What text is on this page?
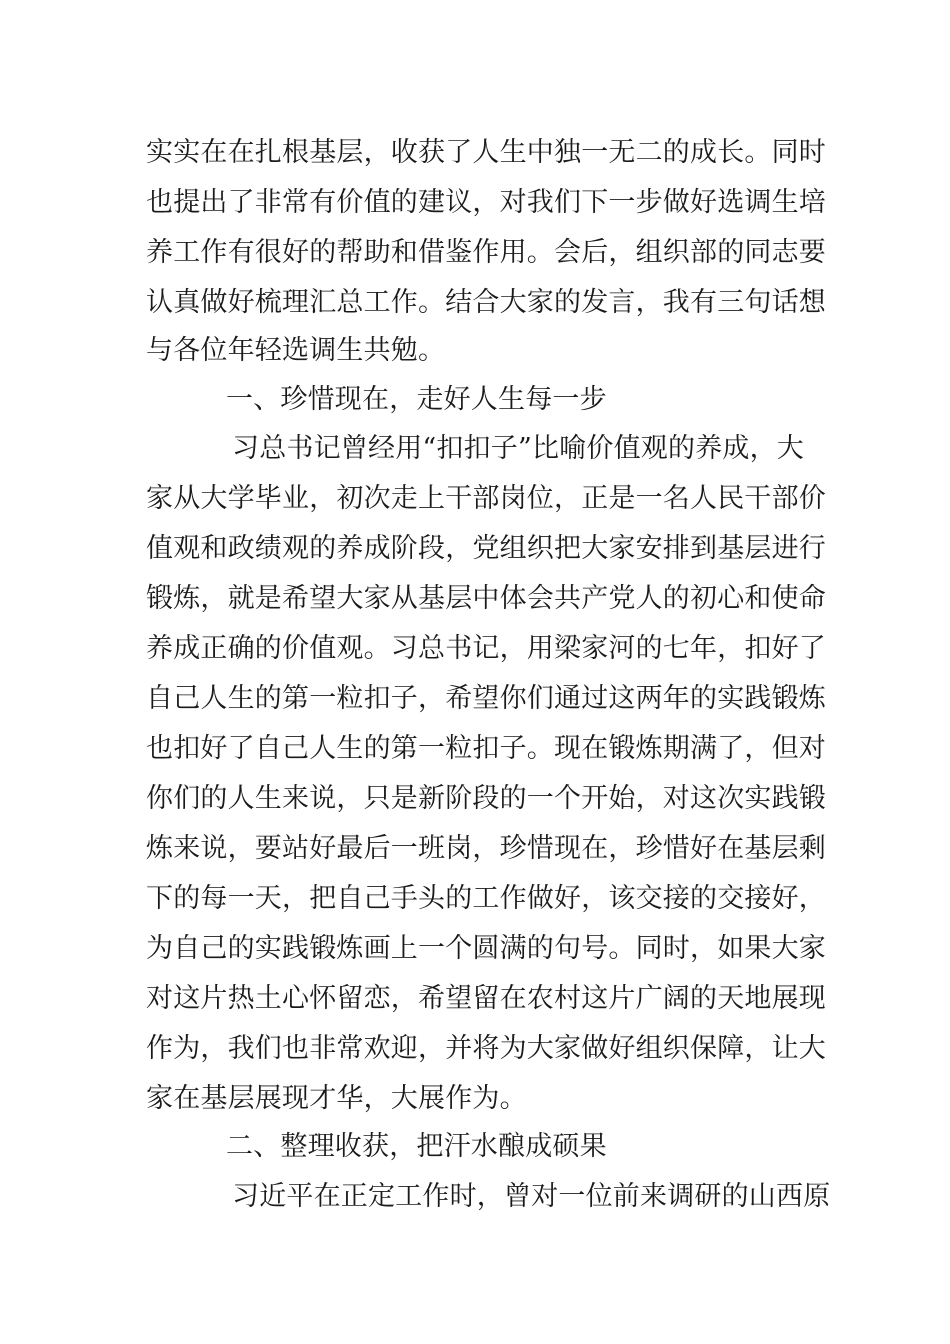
实实在在扎根基层，收获了人生中独一无二的成长。同时
也提出了非常有价值的建议，对我们下一步做好选调生培
养工作有很好的帮助和借鉴作用。会后，组织部的同志要
认真做好梳理汇总工作。结合大家的发言，我有三句话想
与各位年轻选调生共勉。
一、珍惜现在，走好人生每一步
习总书记曾经用“扣扣子”比喻价值观的养成，大
家从大学毕业，初次走上干部岗位，正是一名人民干部价
值观和政绩观的养成阶段，党组织把大家安排到基层进行
锻炼，就是希望大家从基层中体会共产党人的初心和使命
养成正确的价值观。习总书记，用梁家河的七年，扣好了
自己人生的第一粒扣子，希望你们通过这两年的实践锻炼
也扣好了自己人生的第一粒扣子。现在锻炼期满了，但对
你们的人生来说，只是新阶段的一个开始，对这次实践锻
炼来说，要站好最后一班岗，珍惜现在，珍惜好在基层剩
下的每一天，把自己手头的工作做好，该交接的交接好，
为自己的实践锻炼画上一个圆满的句号。同时，如果大家
对这片热土心怀留恋，希望留在农村这片广阔的天地展现
作为，我们也非常欢迎，并将为大家做好组织保障，让大
家在基层展现才华，大展作为。
二、整理收获，把汗水酿成硕果
习近平在正定工作时，曾对一位前来调研的山西原
